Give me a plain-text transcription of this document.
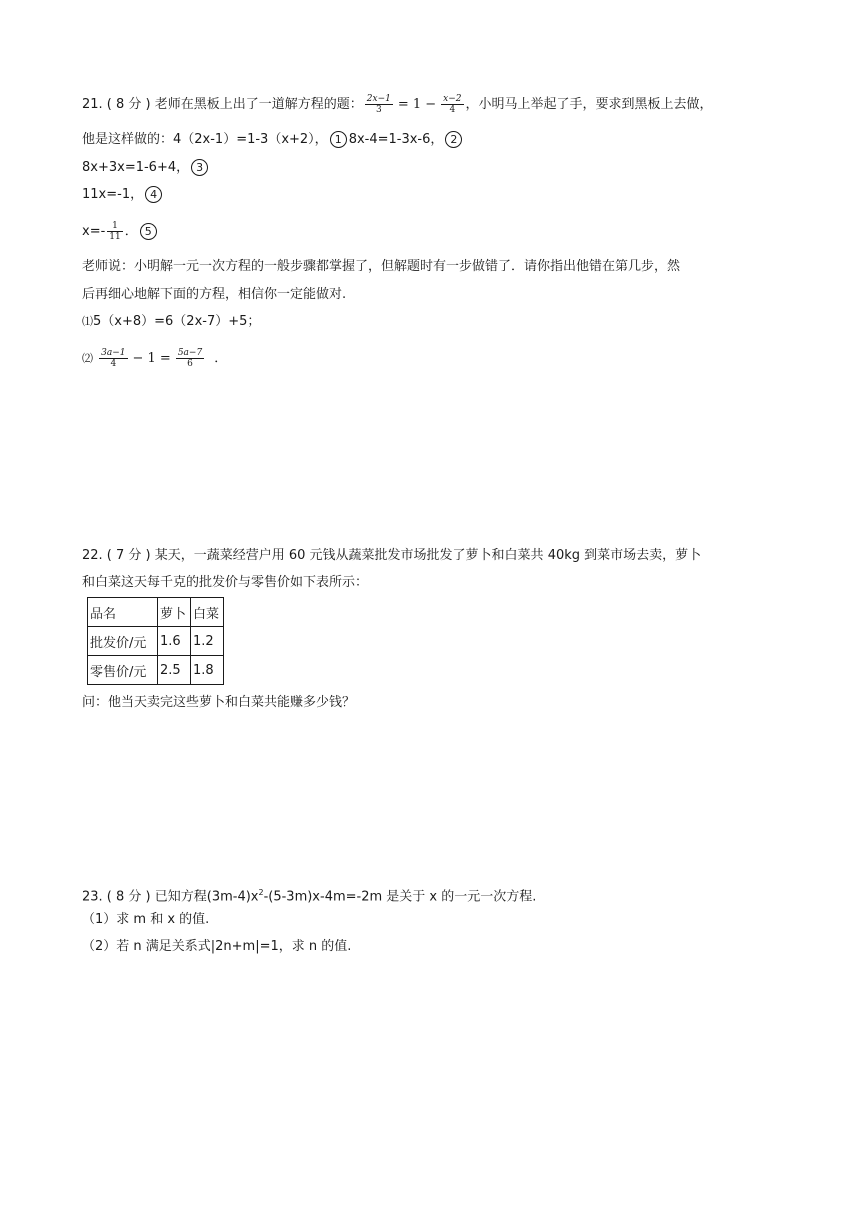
21. ( 8 分 ) 老师在黑板上出了一道解方程的题： $\frac{2x-1}{3} = 1 - \frac{x-2}{4}$ ，小明马上举起了手，要求到黑板上去做，
他是这样做的：4（2x-1）=1-3（x+2）， 1 8x-4=1-3x-6， 2
8x+3x=1-6+4， 3
11x=-1， 4
$x=- \frac{1}{11}$ ． 5
老师说：小明解一元一次方程的一般步骤都掌握了，但解题时有一步做错了．请你指出他错在第几步，然
后再细心地解下面的方程，相信你一定能做对.
⑴5（x+8）=6（2x-7）+5；
⑵ $\frac{3a-1}{4} - 1 = \frac{5a-7}{6}$ ．
22. ( 7 分 ) 某天，一蔬菜经营户用 60 元钱从蔬菜批发市场批发了萝卜和白菜共 40kg 到菜市场去卖，萝卜
和白菜这天每千克的批发价与零售价如下表所示：
品名	萝卜	白菜
批发价/元	1.6	1.2
零售价/元	2.5	1.8
问：他当天卖完这些萝卜和白菜共能赚多少钱？
23. ( 8 分 ) 已知方程$(3m-4)x^2-(5-3m)x-4m=-2m$ 是关于 x 的一元一次方程.
（1）求 m 和 x 的值.
（2）若 n 满足关系式|2n+m|=1，求 n 的值.
